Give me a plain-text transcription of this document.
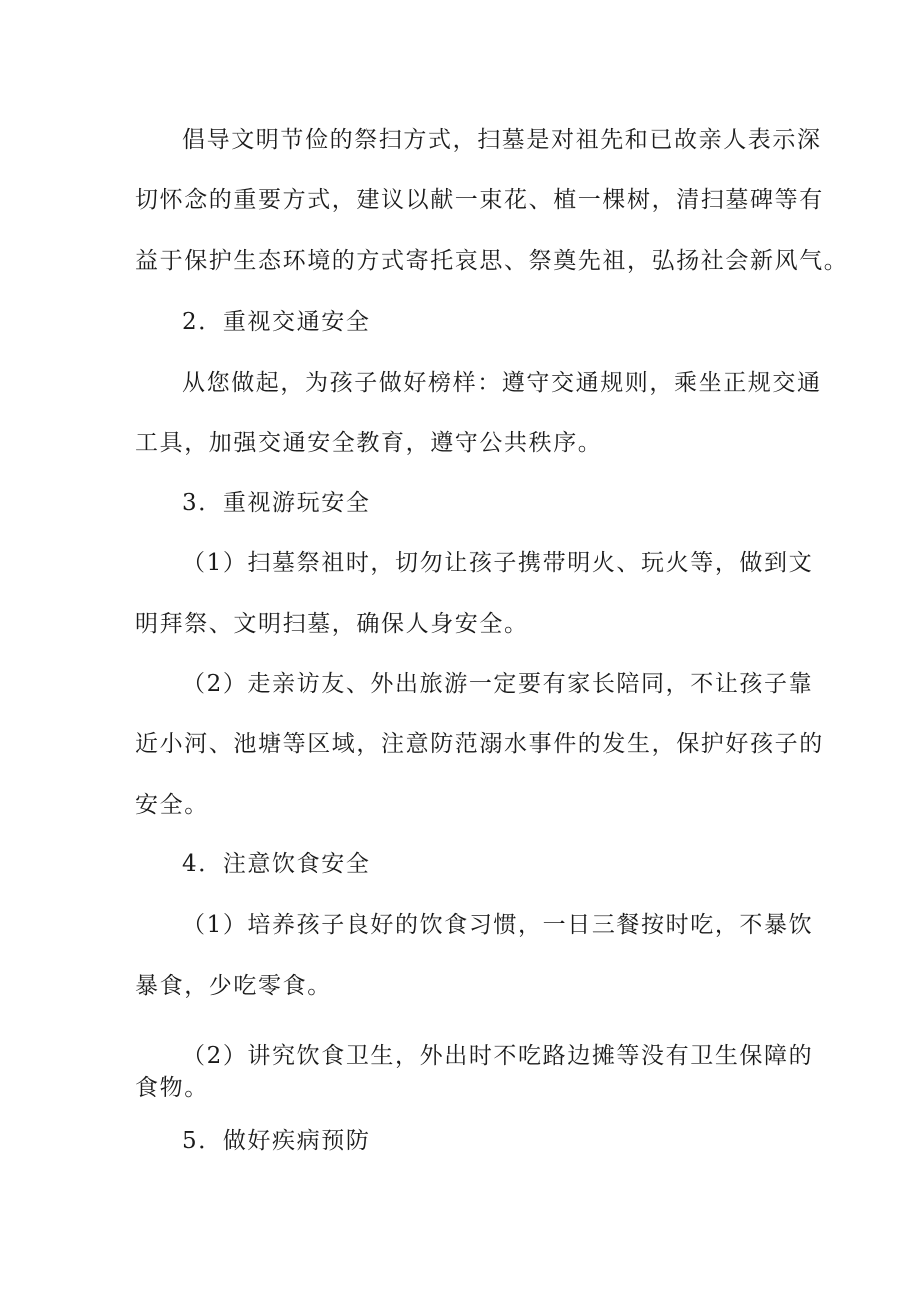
倡导文明节俭的祭扫方式，扫墓是对祖先和已故亲人表示深
切怀念的重要方式，建议以献一束花、植一棵树，清扫墓碑等有
益于保护生态环境的方式寄托哀思、祭奠先祖，弘扬社会新风气。
2．重视交通安全
从您做起，为孩子做好榜样：遵守交通规则，乘坐正规交通
工具，加强交通安全教育，遵守公共秩序。
3．重视游玩安全
（1）扫墓祭祖时，切勿让孩子携带明火、玩火等，做到文
明拜祭、文明扫墓，确保人身安全。
（2）走亲访友、外出旅游一定要有家长陪同，不让孩子靠
近小河、池塘等区域，注意防范溺水事件的发生，保护好孩子的
安全。
4．注意饮食安全
（1）培养孩子良好的饮食习惯，一日三餐按时吃，不暴饮
暴食，少吃零食。
（2）讲究饮食卫生，外出时不吃路边摊等没有卫生保障的
食物。
5．做好疾病预防
